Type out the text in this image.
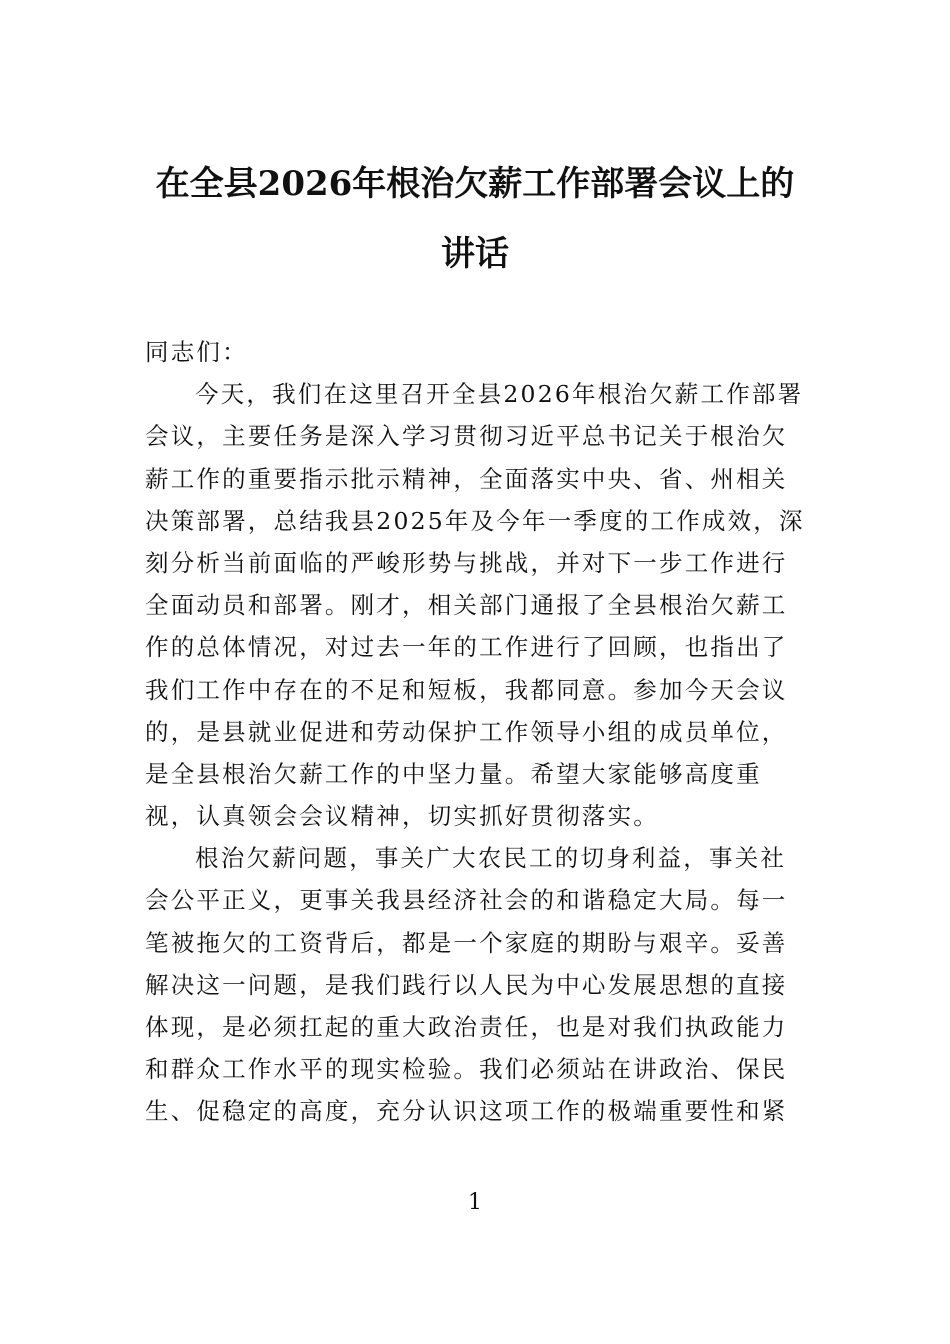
在全县2026年根治欠薪工作部署会议上的
讲话
同志们：
今天，我们在这里召开全县2026年根治欠薪工作部署
会议，主要任务是深入学习贯彻习近平总书记关于根治欠
薪工作的重要指示批示精神，全面落实中央、省、州相关
决策部署，总结我县2025年及今年一季度的工作成效，深
刻分析当前面临的严峻形势与挑战，并对下一步工作进行
全面动员和部署。刚才，相关部门通报了全县根治欠薪工
作的总体情况，对过去一年的工作进行了回顾，也指出了
我们工作中存在的不足和短板，我都同意。参加今天会议
的，是县就业促进和劳动保护工作领导小组的成员单位，
是全县根治欠薪工作的中坚力量。希望大家能够高度重
视，认真领会会议精神，切实抓好贯彻落实。
根治欠薪问题，事关广大农民工的切身利益，事关社
会公平正义，更事关我县经济社会的和谐稳定大局。每一
笔被拖欠的工资背后，都是一个家庭的期盼与艰辛。妥善
解决这一问题，是我们践行以人民为中心发展思想的直接
体现，是必须扛起的重大政治责任，也是对我们执政能力
和群众工作水平的现实检验。我们必须站在讲政治、保民
生、促稳定的高度，充分认识这项工作的极端重要性和紧
1
